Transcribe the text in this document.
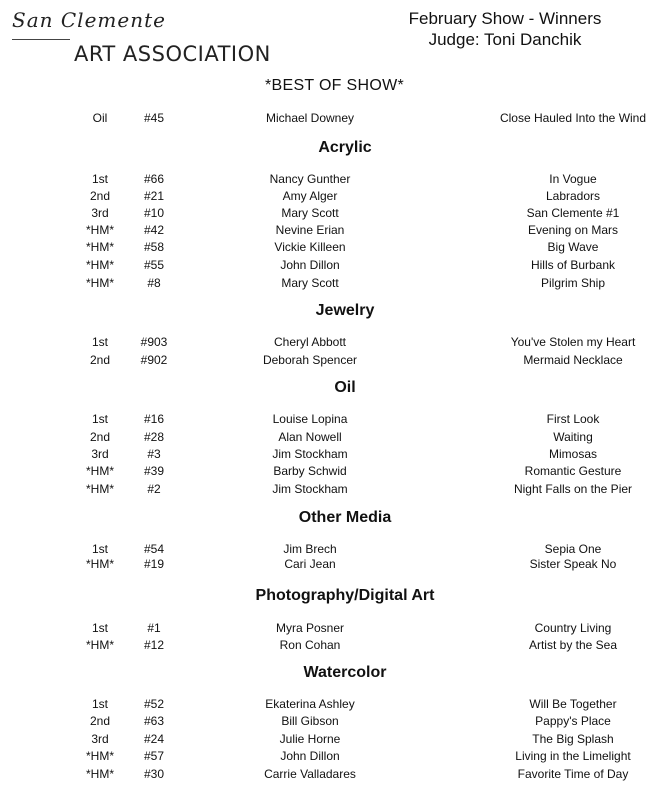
San Clemente
ART ASSOCIATION
February Show - Winners
Judge: Toni Danchik
*BEST OF SHOW*
Oil	#45	Michael Downey	Close Hauled Into the Wind
Acrylic
1st	#66	Nancy Gunther	In Vogue
2nd	#21	Amy Alger	Labradors
3rd	#10	Mary Scott	San Clemente #1
*HM* #42	Nevine Erian	Evening on Mars
*HM* #58	Vickie Killeen	Big Wave
*HM* #55	John Dillon	Hills of Burbank
*HM*	#8	Mary Scott	Pilgrim Ship
Jewelry
1st	#903	Cheryl Abbott	You've Stolen my Heart
2nd	#902	Deborah Spencer	Mermaid Necklace
Oil
1st	#16	Louise Lopina	First Look
2nd	#28	Alan Nowell	Waiting
3rd	#3	Jim Stockham	Mimosas
*HM* #39	Barby Schwid	Romantic Gesture
*HM*	#2	Jim Stockham	Night Falls on the Pier
Other Media
1st	#54	Jim Brech	Sepia One
*HM* #19	Cari Jean	Sister Speak No
Photography/Digital Art
1st	#1	Myra Posner	Country Living
*HM* #12	Ron Cohan	Artist by the Sea
Watercolor
1st	#52	Ekaterina Ashley	Will Be Together
2nd	#63	Bill Gibson	Pappy's Place
3rd	#24	Julie Horne	The Big Splash
*HM* #57	John Dillon	Living in the Limelight
*HM* #30	Carrie Valladares	Favorite Time of Day
